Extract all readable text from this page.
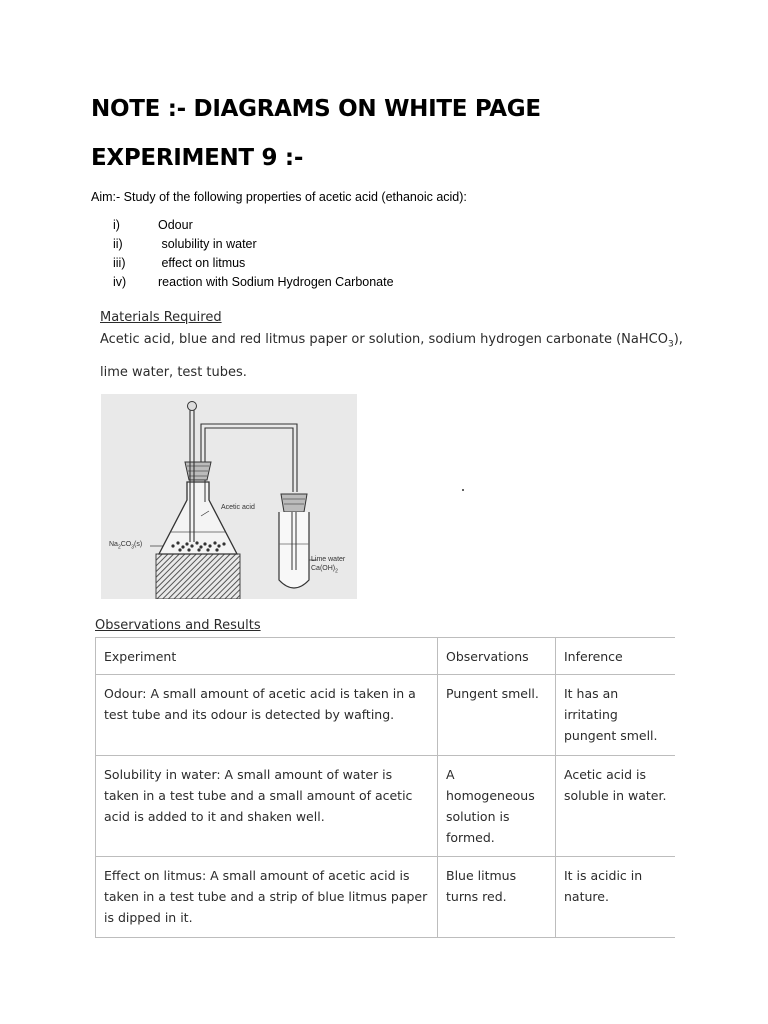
NOTE :- DIAGRAMS ON WHITE PAGE
EXPERIMENT 9 :-
Aim:- Study of the following properties of acetic acid (ethanoic acid):
i)	Odour
ii)	solubility in water
iii)	effect on litmus
iv)	reaction with Sodium Hydrogen Carbonate
Materials Required
Acetic acid, blue and red litmus paper or solution, sodium hydrogen carbonate (NaHCO$_3$), lime water, test tubes.
Acetic acid
$Na_2CO_3(s)$
Lime water
$Ca(OH)_2$
Observations and Results
Experiment	Observations	Inference
Odour: A small amount of acetic acid is taken in a test tube and its odour is detected by wafting.	Pungent smell.	It has an irritating pungent smell.
Solubility in water: A small amount of water is taken in a test tube and a small amount of acetic acid is added to it and shaken well.	A homogeneous solution is formed.	Acetic acid is soluble in water.
Effect on litmus: A small amount of acetic acid is taken in a test tube and a strip of blue litmus paper is dipped in it.	Blue litmus turns red.	It is acidic in nature.
